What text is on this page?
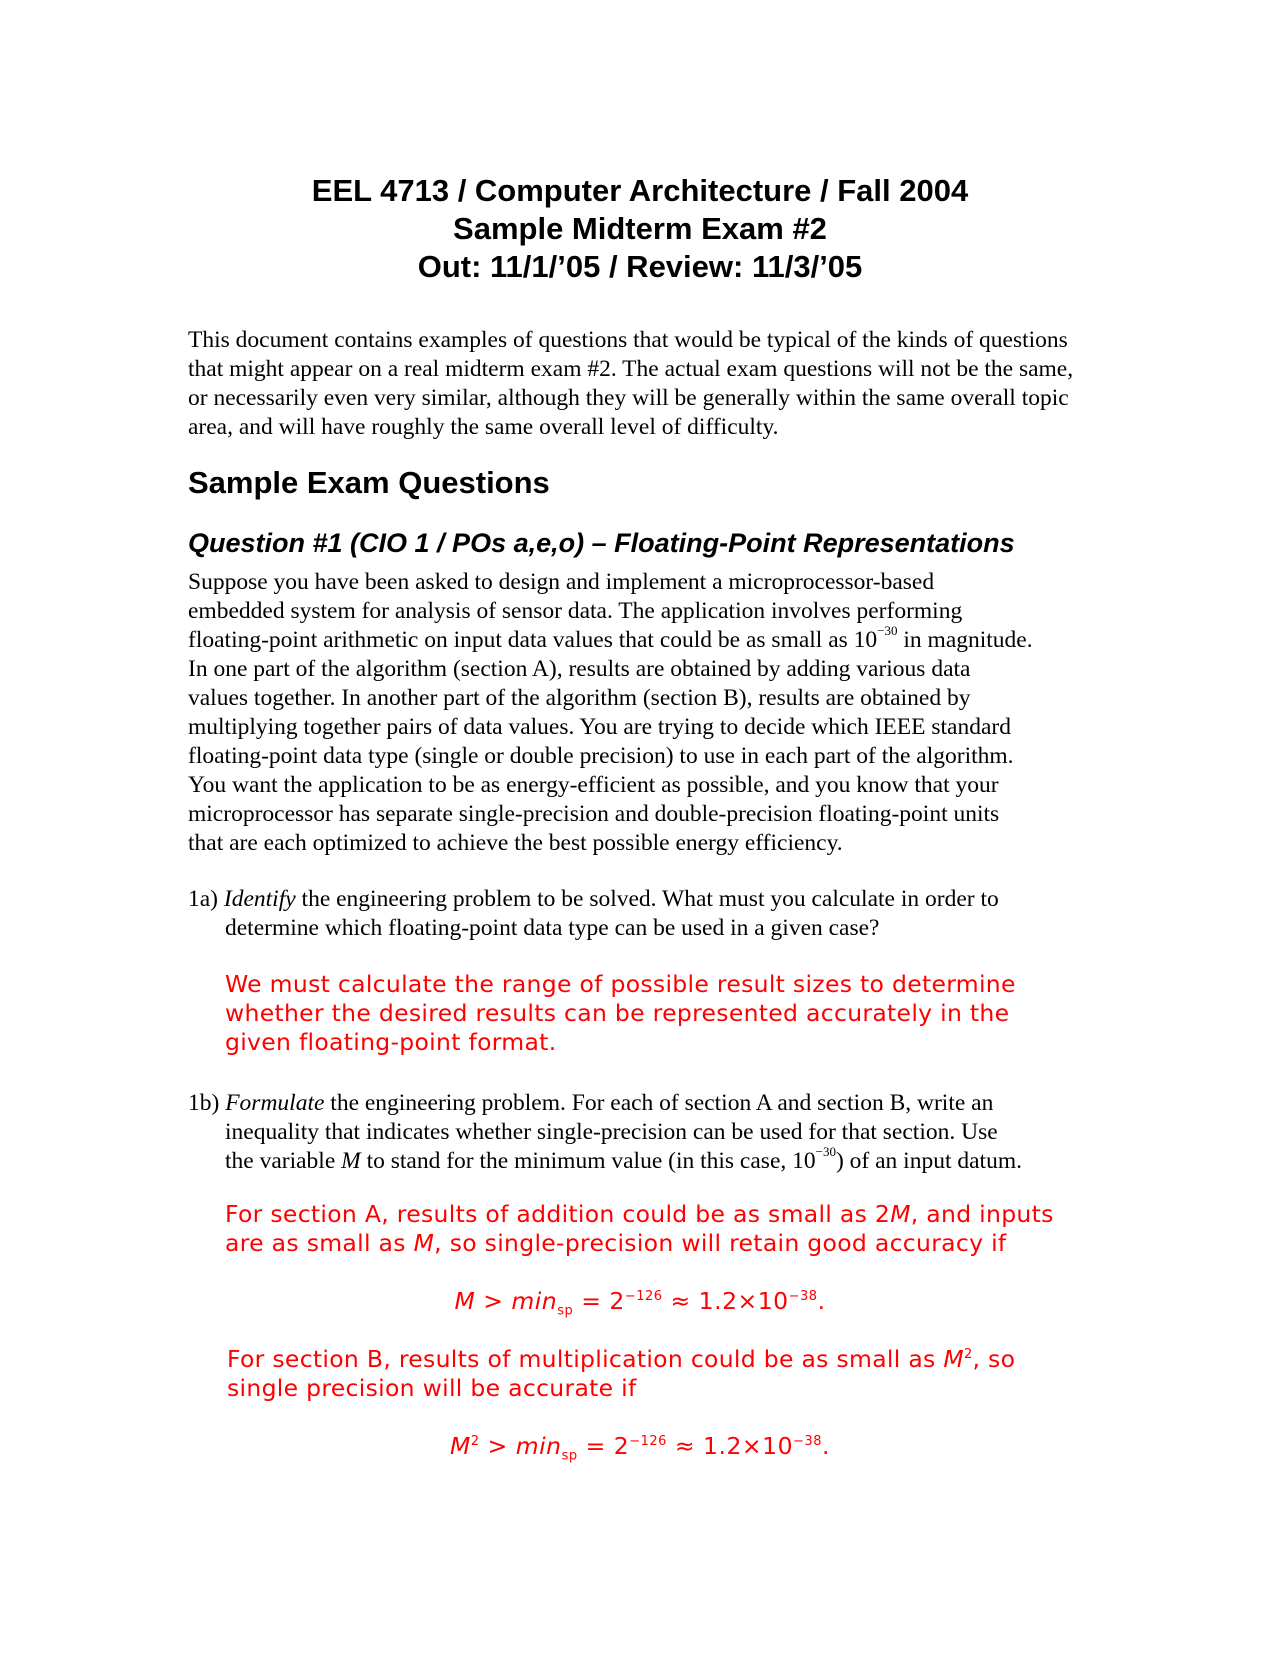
EEL 4713 / Computer Architecture / Fall 2004
Sample Midterm Exam #2
Out: 11/1/’05 / Review: 11/3/’05
This document contains examples of questions that would be typical of the kinds of questions that might appear on a real midterm exam #2. The actual exam questions will not be the same, or necessarily even very similar, although they will be generally within the same overall topic area, and will have roughly the same overall level of difficulty.
Sample Exam Questions
Question #1 (CIO 1 / POs a,e,o) – Floating-Point Representations
Suppose you have been asked to design and implement a microprocessor-based
embedded system for analysis of sensor data. The application involves performing
floating-point arithmetic on input data values that could be as small as $10^{-30}$ in magnitude.
In one part of the algorithm (section A), results are obtained by adding various data
values together. In another part of the algorithm (section B), results are obtained by
multiplying together pairs of data values. You are trying to decide which IEEE standard
floating-point data type (single or double precision) to use in each part of the algorithm.
You want the application to be as energy-efficient as possible, and you know that your
microprocessor has separate single-precision and double-precision floating-point units
that are each optimized to achieve the best possible energy efficiency.
1a) Identify the engineering problem to be solved. What must you calculate in order to
determine which floating-point data type can be used in a given case?
We must calculate the range of possible result sizes to determine
whether the desired results can be represented accurately in the
given floating-point format.
1b) Formulate the engineering problem. For each of section A and section B, write an
inequality that indicates whether single-precision can be used for that section. Use
the variable M to stand for the minimum value (in this case, $10^{-30}$) of an input datum.
For section A, results of addition could be as small as 2M, and inputs
are as small as M, so single-precision will retain good accuracy if
$M > \min_{sp} = 2^{-126} \approx 1.2\times 10^{-38}$.
For section B, results of multiplication could be as small as $M^2$, so
single precision will be accurate if
$M^2 > \min_{sp} = 2^{-126} \approx 1.2\times 10^{-38}$.
